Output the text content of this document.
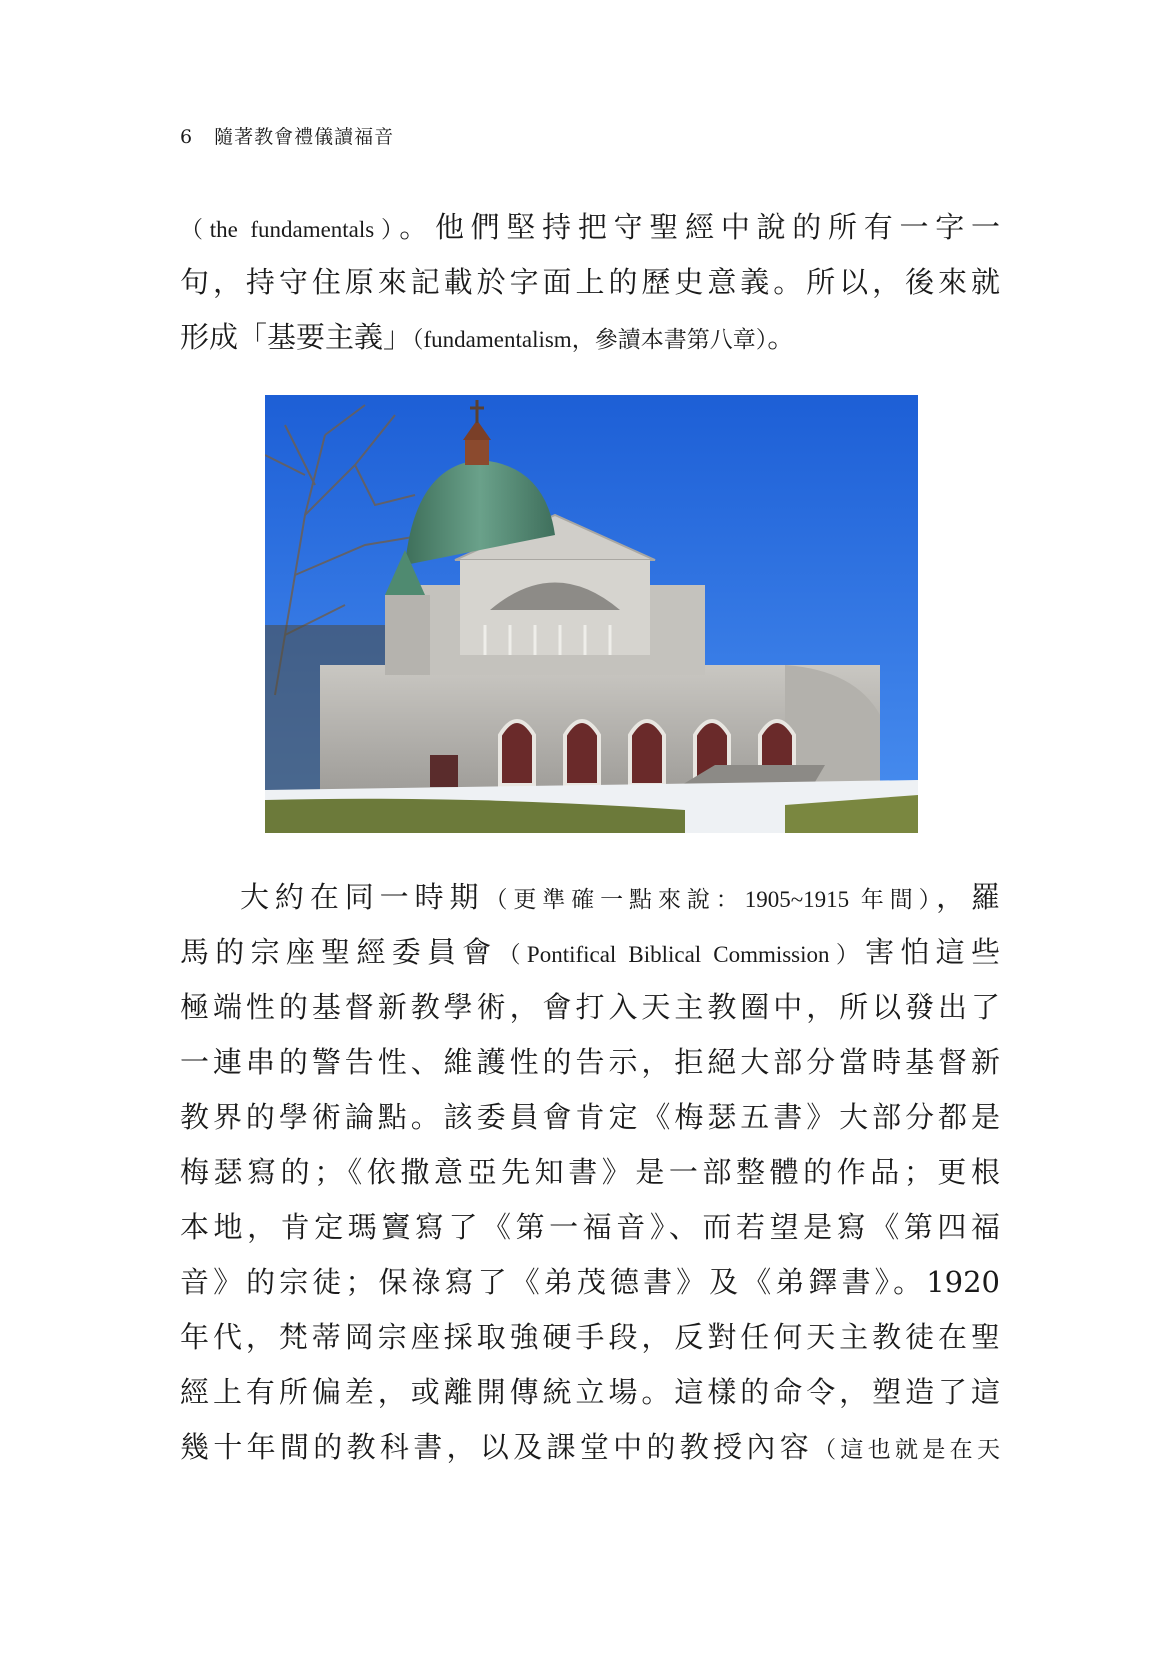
6 隨著教會禮儀讀福音
（the fundamentals）。他們堅持把守聖經中說的所有一字一
句，持守住原來記載於字面上的歷史意義。所以，後來就
形成「基要主義」（fundamentalism，參讀本書第八章）。
大約在同一時期（更準確一點來說：1905~1915 年間），羅
馬的宗座聖經委員會（Pontifical Biblical Commission）害怕這些
極端性的基督新教學術，會打入天主教圈中，所以發出了
一連串的警告性、維護性的告示，拒絕大部分當時基督新
教界的學術論點。該委員會肯定《梅瑟五書》大部分都是
梅瑟寫的；《依撒意亞先知書》是一部整體的作品；更根
本地，肯定瑪竇寫了《第一福音》、而若望是寫《第四福
音》的宗徒；保祿寫了《弟茂德書》及《弟鐸書》。1920
年代，梵蒂岡宗座採取強硬手段，反對任何天主教徒在聖
經上有所偏差，或離開傳統立場。這樣的命令，塑造了這
幾十年間的教科書，以及課堂中的教授內容（這也就是在天
